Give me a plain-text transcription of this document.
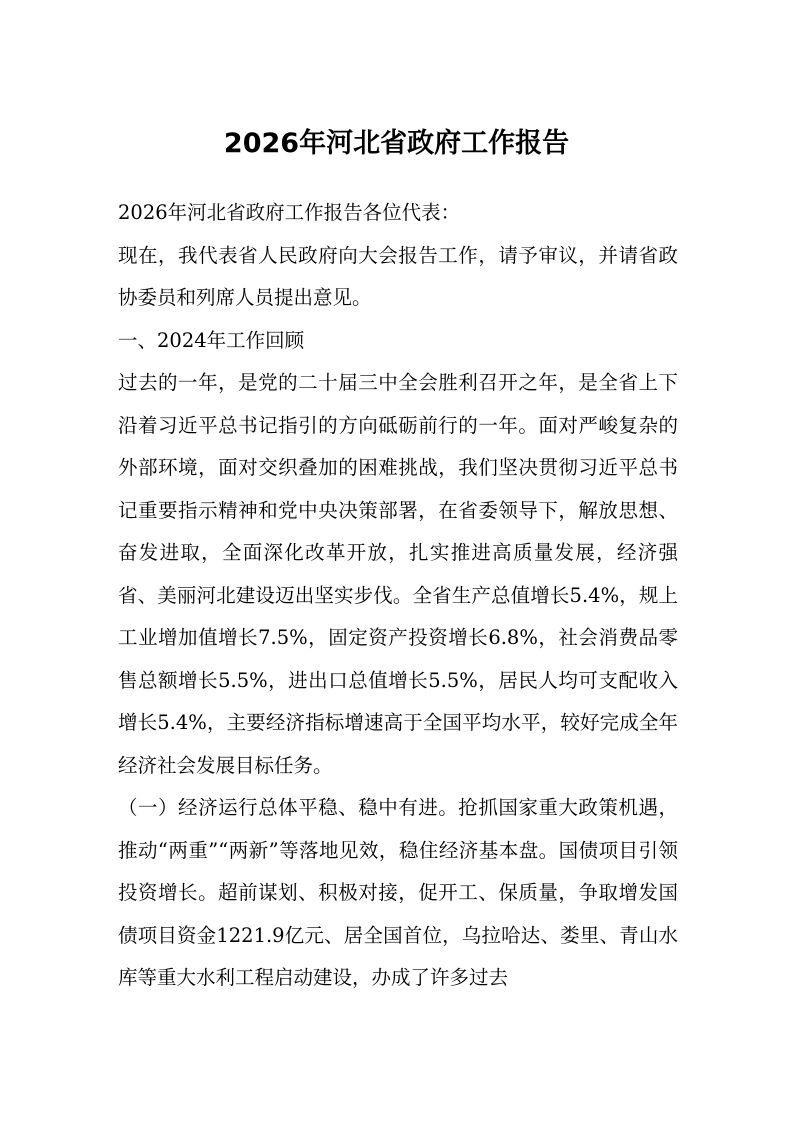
2026年河北省政府工作报告

2026年河北省政府工作报告各位代表：

现在，我代表省人民政府向大会报告工作，请予审议，并请省政协委员和列席人员提出意见。

一、2024年工作回顾

过去的一年，是党的二十届三中全会胜利召开之年，是全省上下沿着习近平总书记指引的方向砥砺前行的一年。面对严峻复杂的外部环境，面对交织叠加的困难挑战，我们坚决贯彻习近平总书记重要指示精神和党中央决策部署，在省委领导下，解放思想、奋发进取，全面深化改革开放，扎实推进高质量发展，经济强省、美丽河北建设迈出坚实步伐。全省生产总值增长5.4%，规上工业增加值增长7.5%，固定资产投资增长6.8%，社会消费品零售总额增长5.5%，进出口总值增长5.5%，居民人均可支配收入增长5.4%，主要经济指标增速高于全国平均水平，较好完成全年经济社会发展目标任务。

（一）经济运行总体平稳、稳中有进。抢抓国家重大政策机遇，推动“两重”“两新”等落地见效，稳住经济基本盘。国债项目引领投资增长。超前谋划、积极对接，促开工、保质量，争取增发国债项目资金1221.9亿元、居全国首位，乌拉哈达、娄里、青山水库等重大水利工程启动建设，办成了许多过去
